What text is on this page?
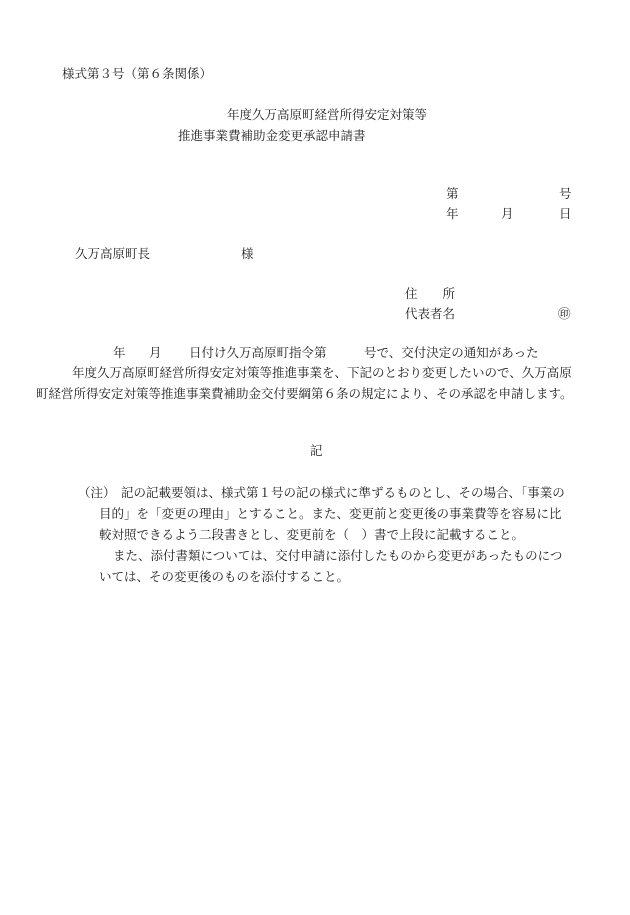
様式第３号（第６条関係）
年度久万高原町経営所得安定対策等
推進事業費補助金変更承認申請書
第	号
年	月	日
久万高原町長	様
住　　所
代表者名	㊞
年 月 日付け久万高原町指令第　　　号で、交付決定の通知があった
年度久万高原町経営所得安定対策等推進事業を、下記のとおり変更したいので、久万高原町経営所得安定対策等推進事業費補助金交付要綱第６条の規定により、その承認を申請します。
記
（注） 記の記載要領は、様式第１号の記の様式に準ずるものとし、その場合、「事業の
目的」を「変更の理由」とすること。また、変更前と変更後の事業費等を容易に比
較対照できるよう二段書きとし、変更前を（　）書で上段に記載すること。
また、添付書類については、交付申請に添付したものから変更があったものにつ
いては、その変更後のものを添付すること。
